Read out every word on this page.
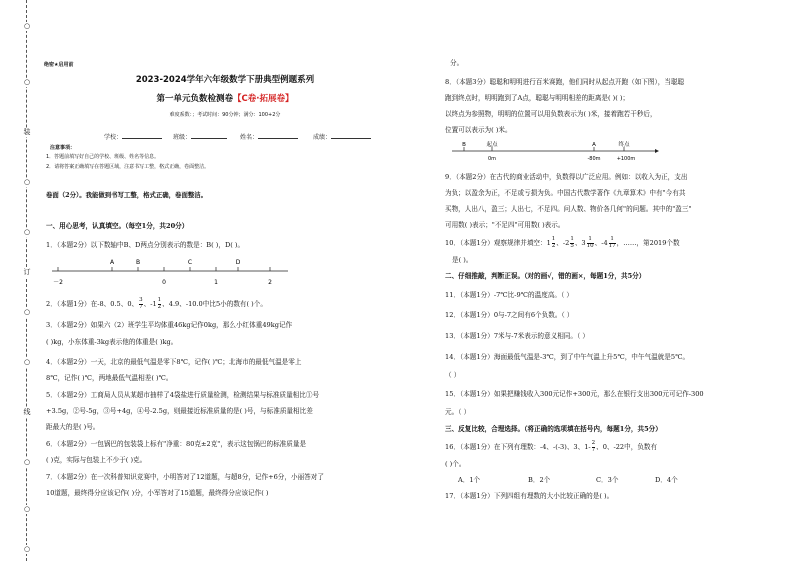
○
○
装
○
○
订
○
○
线
○
○
○
绝密★启用前
2023-2024学年六年级数学下册典型例题系列
第一单元负数检测卷【C卷·拓展卷】
难度系数：；考试时间：90分钟；满分：100+2分
学校：	班级：	姓名：	成绩：
注意事项：
1．答题前填写好自己的学校、班级、姓名等信息。
2．请将答案正确填写在答题区域，注意书写工整，格式正确，卷面整洁。
卷面（2分）。我能做到书写工整，格式正确，卷面整洁。
一、用心思考，认真填空。（每空1分，共20分）
1．（本题2分）以下数轴中B、D两点分别表示的数是：B( )，D( )。
A	B	C	D
－2	0	1	2
2．（本题1分）在-8、0.5、0、 $\frac{3}{7}$ 、$-1 \frac{1}{2}$ 、4.9、-10.0中比5小的数有( )个。
3．（本题2分）如果六（2）班学生平均体重46kg记作0kg，那么小红体重49kg记作
( )kg，小东体重-3kg表示他的体重是( )kg。
4．（本题2分）一天，北京的最低气温是零下8℃，记作( )℃；北海市的最低气温是零上
8℃，记作( )℃，两地最低气温相差( )℃。
5．（本题2分）工商局人员从某超市抽样了4袋盐进行质量检测，检测结果与标准质量相比①号
+3.5g，②号-5g，③号+4g，④号-2.5g，则最接近标准质量的是( )号，与标准质量相比差
距最大的是( )号。
6．（本题2分）一包锅巴的包装袋上标有"净重：80克±2克"，表示这包锅巴的标准质量是
( )克，实际与包装上不少于( )克。
7．（本题2分）在一次科普知识竞赛中，小明答对了12道题，与超8分，记作+6分，小丽答对了
10道题，最终得分应该记作( )分，小军答对了15道题，最终得分应该记作( )
分。
8．（本题3分）聪聪和明明进行百米赛跑，他们同时从起点开跑（如下图），当聪聪
跑到终点时，明明跑到了A点，聪聪与明明相差的距离是( )( )；
以终点为参照物，明明的位置可以用负数表示为( )米，接着跑若干秒后，
位置可以表示为( )米。
B	起点	A	终点
0m	-80m	+100m
9．（本题2分）在古代的商业活动中，负数得以广泛应用。例如：以收入为正，支出
为负；以盈余为正，不足或亏损为负。中国古代数学著作《九章算术》中有"今有共
买物，人出八，盈三；人出七，不足四。问人数、物价各几何"的问题。其中的"盈三"
可用数( )表示；"不足四"可用数( )表示。
10．（本题1分）观察规律并填空：$1 \frac{1}{2}$ 、$-2 \frac{1}{5}$ 、$3 \frac{1}{10}$ 、$-4 \frac{1}{17}$ ，……，第2019个数
是( )。
二、仔细推敲，判断正误。（对的画√，错的画×，每题1分，共5分）
11．（本题1分）-7℃比-9℃的温度高。（ ）
12．（本题1分）0与-7之间有6个负数。（ ）
13．（本题1分）7米与-7米表示的意义相同。（ ）
14．（本题1分）海面最低气温是-3℃，到了中午气温上升5℃，中午气温就是5℃。
（ ）
15．（本题1分）如果把赚钱收入300元记作+300元，那么在银行支出300元可记作-300
元。（ ）
三、反复比较，合理选择。（将正确的选项填在括号内，每题1分，共5分）
16．（本题1分）在下列有理数：-4、-(-3)、3、$1- \frac{2}{7}$ 、0、-22中，负数有
( )个。
A．1个	B．2个	C．3个	D．4个
17．（本题1分）下列四组有理数的大小比较正确的是( )。
